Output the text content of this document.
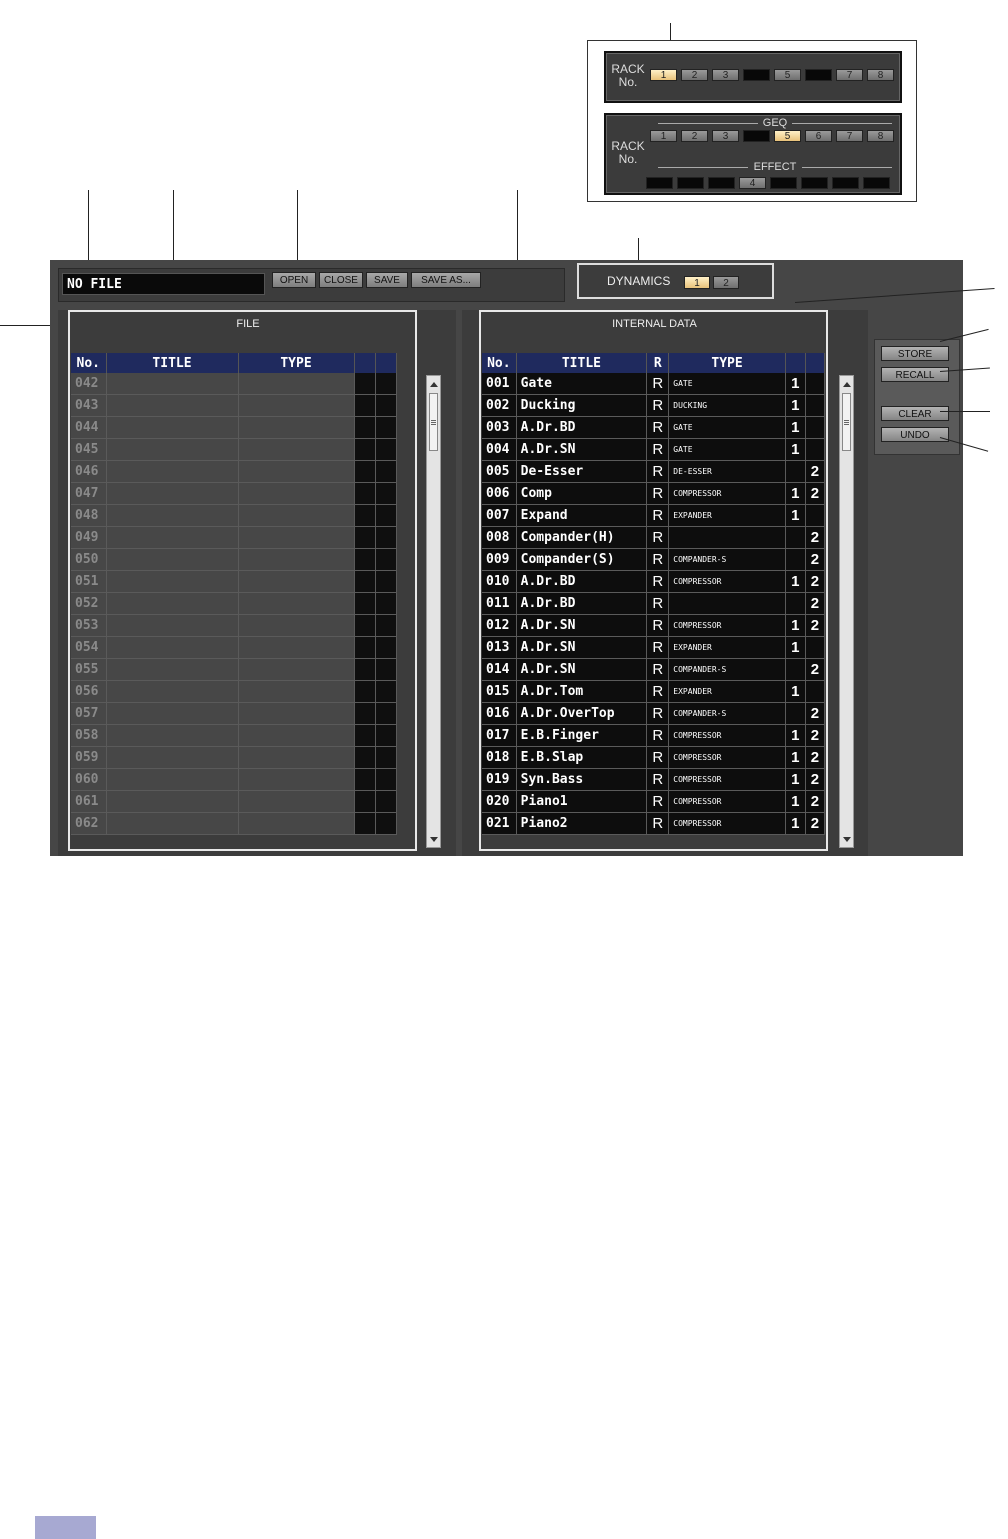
RACK
No.	1	2	3	5	7	8
RACK
No.
GEQ
1	2	3	5	6	7	8
EFFECT
4
NO FILE	OPEN	CLOSE	SAVE	SAVE AS...	DYNAMICS	1	2
FILE
No.	TITLE	TYPE		
042				
043				
044				
045				
046				
047				
048				
049				
050				
051				
052				
053				
054				
055				
056				
057				
058				
059				
060				
061				
062				
INTERNAL DATA
No.	TITLE	R	TYPE		
001	Gate	R	GATE	1	
002	Ducking	R	DUCKING	1	
003	A.Dr.BD	R	GATE	1	
004	A.Dr.SN	R	GATE	1	
005	De-Esser	R	DE-ESSER		2
006	Comp	R	COMPRESSOR	1	2
007	Expand	R	EXPANDER	1	
008	Compander(H)	R			2
009	Compander(S)	R	COMPANDER-S		2
010	A.Dr.BD	R	COMPRESSOR	1	2
011	A.Dr.BD	R			2
012	A.Dr.SN	R	COMPRESSOR	1	2
013	A.Dr.SN	R	EXPANDER	1	
014	A.Dr.SN	R	COMPANDER-S		2
015	A.Dr.Tom	R	EXPANDER	1	
016	A.Dr.OverTop	R	COMPANDER-S		2
017	E.B.Finger	R	COMPRESSOR	1	2
018	E.B.Slap	R	COMPRESSOR	1	2
019	Syn.Bass	R	COMPRESSOR	1	2
020	Piano1	R	COMPRESSOR	1	2
021	Piano2	R	COMPRESSOR	1	2
STORE
RECALL
CLEAR
UNDO
